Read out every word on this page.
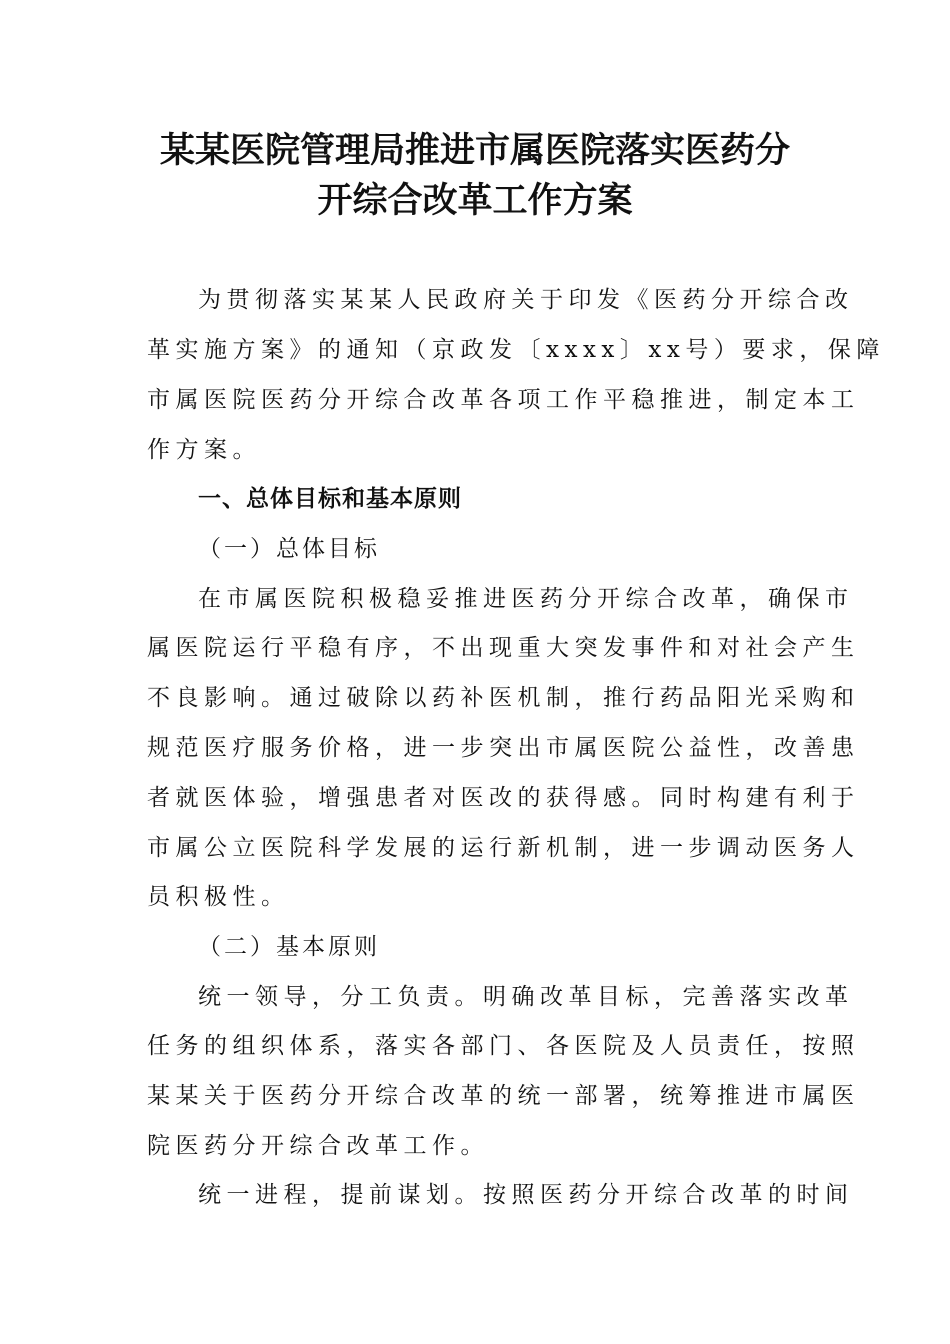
某某医院管理局推进市属医院落实医药分
开综合改革工作方案
为贯彻落实某某人民政府关于印发《医药分开综合改
革实施方案》的通知（京政发〔xxxx〕xx号）要求，保障
市属医院医药分开综合改革各项工作平稳推进，制定本工
作方案。
一、总体目标和基本原则
（一）总体目标
在市属医院积极稳妥推进医药分开综合改革，确保市
属医院运行平稳有序，不出现重大突发事件和对社会产生
不良影响。通过破除以药补医机制，推行药品阳光采购和
规范医疗服务价格，进一步突出市属医院公益性，改善患
者就医体验，增强患者对医改的获得感。同时构建有利于
市属公立医院科学发展的运行新机制，进一步调动医务人
员积极性。
（二）基本原则
统一领导，分工负责。明确改革目标，完善落实改革
任务的组织体系，落实各部门、各医院及人员责任，按照
某某关于医药分开综合改革的统一部署，统筹推进市属医
院医药分开综合改革工作。
统一进程，提前谋划。按照医药分开综合改革的时间
